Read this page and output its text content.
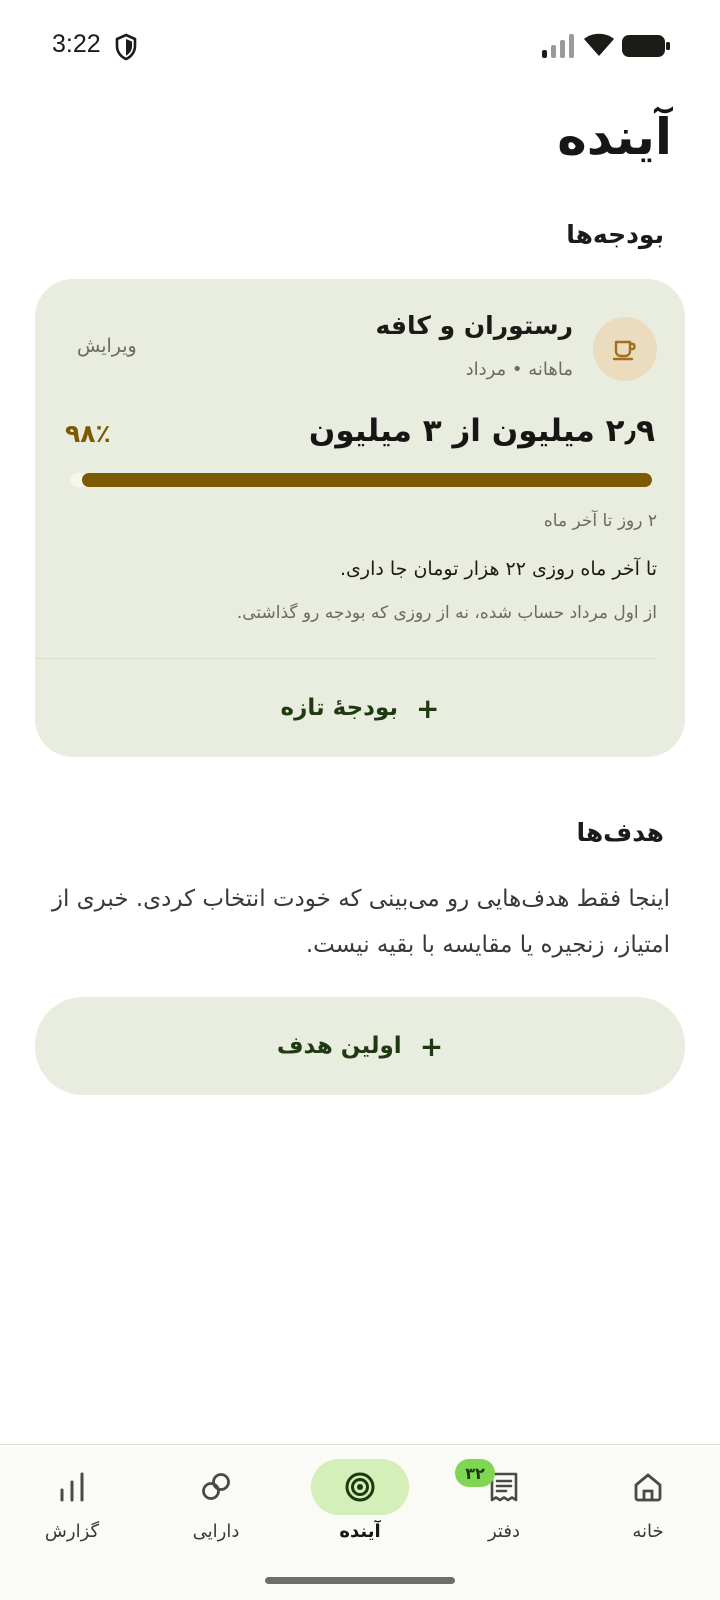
3:22
آینده
بودجه‌ها
رستوران و کافه
ماهانه • مرداد
ویرایش
۲٫۹ میلیون از ۳ میلیون
۹۸٪
۲ روز تا آخر ماه
تا آخر ماه روزی ۲۲ هزار تومان جا داری.
از اول مرداد حساب شده، نه از روزی که بودجه رو گذاشتی.
+
بودجهٔ تازه
هدف‌ها
اینجا فقط هدف‌هایی رو می‌بینی که خودت انتخاب کردی. خبری از امتیاز، زنجیره یا مقایسه با بقیه نیست.
+
اولین هدف
خانه
۳۲
دفتر
آینده
دارایی
گزارش
